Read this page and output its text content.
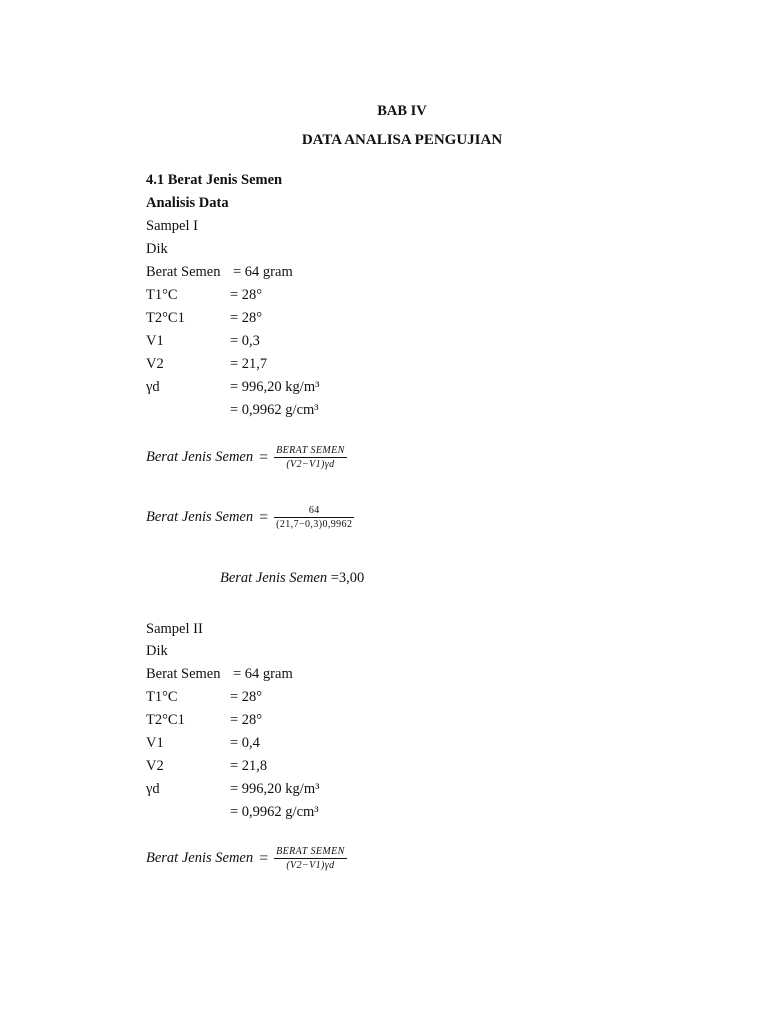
BAB IV
DATA ANALISA PENGUJIAN
4.1 Berat Jenis Semen
Analisis Data
Sampel I
Dik
Berat Semen = 64 gram
T1°C	= 28°
T2°C1	= 28°
V1	= 0,3
V2	= 21,7
γd	= 996,20 kg/m³
= 0,9962 g/cm³
Berat Jenis Semen = $\frac{\text{BERAT SEMEN}}{(V2-V1)\gamma d}$
Berat Jenis Semen = $\frac{64}{(21,7-0,3)0,9962}$
Berat Jenis Semen =3,00
Sampel II
Dik
Berat Semen = 64 gram
T1°C	= 28°
T2°C1	= 28°
V1	= 0,4
V2	= 21,8
γd	= 996,20 kg/m³
= 0,9962 g/cm³
Berat Jenis Semen = $\frac{\text{BERAT SEMEN}}{(V2-V1)\gamma d}$
